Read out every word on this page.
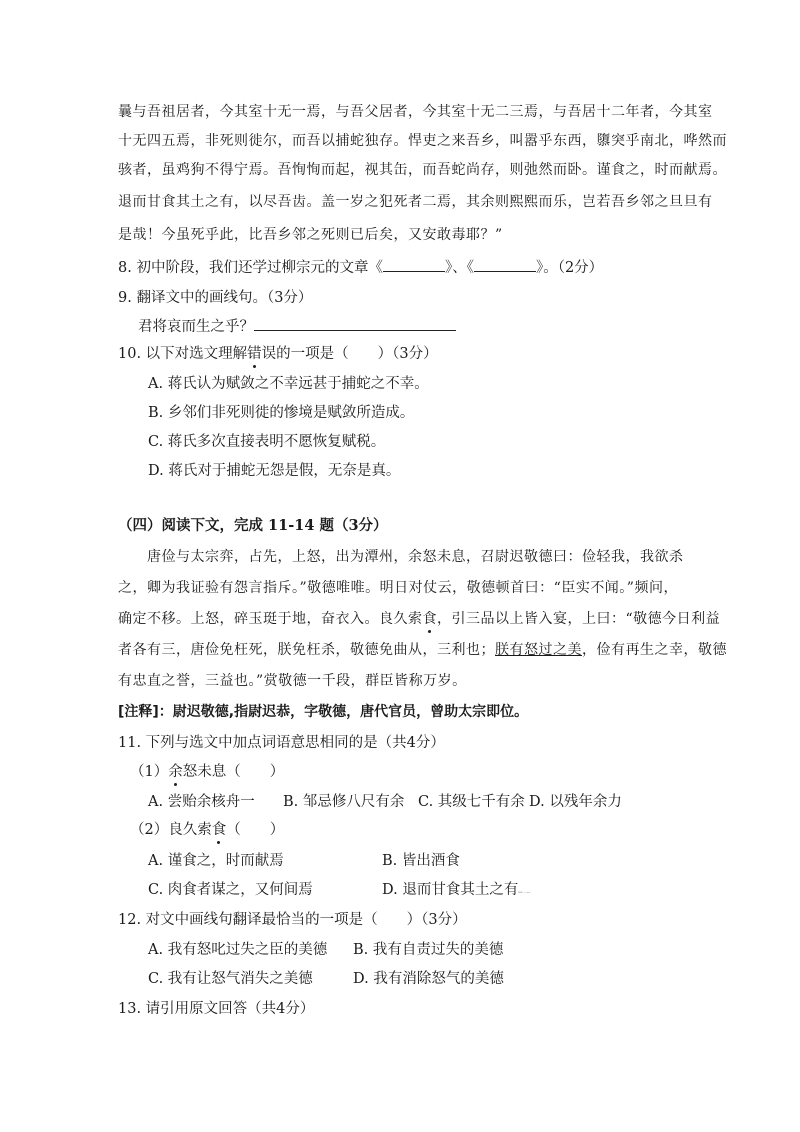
曩与吾祖居者，今其室十无一焉，与吾父居者，今其室十无二三焉，与吾居十二年者，今其室
十无四五焉，非死则徙尔，而吾以捕蛇独存。悍吏之来吾乡，叫嚣乎东西，隳突乎南北，哗然而
骇者，虽鸡狗不得宁焉。吾恂恂而起，视其缶，而吾蛇尚存，则弛然而卧。谨食之，时而献焉。
退而甘食其土之有，以尽吾齿。盖一岁之犯死者二焉，其余则熙熙而乐，岂若吾乡邻之旦旦有
是哉！今虽死乎此，比吾乡邻之死则已后矣，又安敢毒耶？”
8. 初中阶段，我们还学过柳宗元的文章《	》、《	》。（2分）
9. 翻译文中的画线句。（3分）
君将哀而生之乎？
10. 以下对选文理解错误的一项是（　　）（3分）
A. 蒋氏认为赋敛之不幸远甚于捕蛇之不幸。
B. 乡邻们非死则徙的惨境是赋敛所造成。
C. 蒋氏多次直接表明不愿恢复赋税。
D. 蒋氏对于捕蛇无怨是假，无奈是真。
（四）阅读下文，完成 11-14 题（3分）
唐俭与太宗弈，占先，上怒，出为潭州，余怒未息，召尉迟敬德曰：俭轻我，我欲杀
之，卿为我证验有怨言指斥。”敬德唯唯。明日对仗云，敬德顿首曰：“臣实不闻。”频问，
确定不移。上怒，碎玉珽于地，奋衣入。良久索食，引三品以上皆入宴，上曰：“敬德今日利益
者各有三，唐俭免枉死，朕免枉杀，敬德免曲从，三利也；朕有怒过之美，俭有再生之幸，敬德
有忠直之誉，三益也。”赏敬德一千段，群臣皆称万岁。
[注释]：尉迟敬德,指尉迟恭，字敬德，唐代官员，曾助太宗即位。
11. 下列与选文中加点词语意思相同的是（共4分）
（1）余怒未息（　　）
A. 尝贻余核舟一 B. 邹忌修八尺有余 C. 其级七千有余 D. 以残年余力
（2）良久索食（　　）
A. 谨食之，时而献焉	B. 皆出酒食
C. 肉食者谋之，又何间焉	D. 退而甘食其土之有ꟷ ·—
12. 对文中画线句翻译最恰当的一项是（　　）（3分）
A. 我有怒叱过失之臣的美德 B. 我有自责过失的美德
C. 我有让怒气消失之美德	D. 我有消除怒气的美德
13. 请引用原文回答（共4分）
